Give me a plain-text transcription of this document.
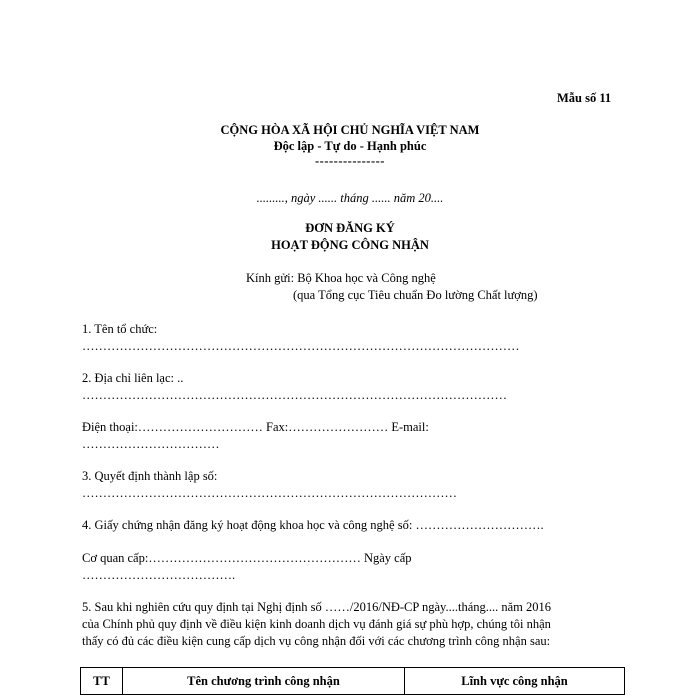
Mẫu số 11
CỘNG HÒA XÃ HỘI CHỦ NGHĨA VIỆT NAM
Độc lập - Tự do - Hạnh phúc
---------------
........., ngày ...... tháng ...... năm 20....
ĐƠN ĐĂNG KÝ
HOẠT ĐỘNG CÔNG NHẬN
Kính gửi: Bộ Khoa học và Công nghệ
(qua Tổng cục Tiêu chuẩn Đo lường Chất lượng)
1. Tên tổ chức:
……………………………………………………………………………………………
2. Địa chỉ liên lạc: ..
…………………………………………………………………………………………
Điện thoại:………………………… Fax:…………………… E-mail:
……………………………
3. Quyết định thành lập số:
………………………………………………………………………………
4. Giấy chứng nhận đăng ký hoạt động khoa học và công nghệ số: ………………………….
Cơ quan cấp:…………………………………………… Ngày cấp
……………………………….
5. Sau khi nghiên cứu quy định tại Nghị định số ……/2016/NĐ-CP ngày....tháng.... năm 2016
của Chính phủ quy định về điều kiện kinh doanh dịch vụ đánh giá sự phù hợp, chúng tôi nhận
thấy có đủ các điều kiện cung cấp dịch vụ công nhận đối với các chương trình công nhận sau:
TT	Tên chương trình công nhận	Lĩnh vực công nhận
